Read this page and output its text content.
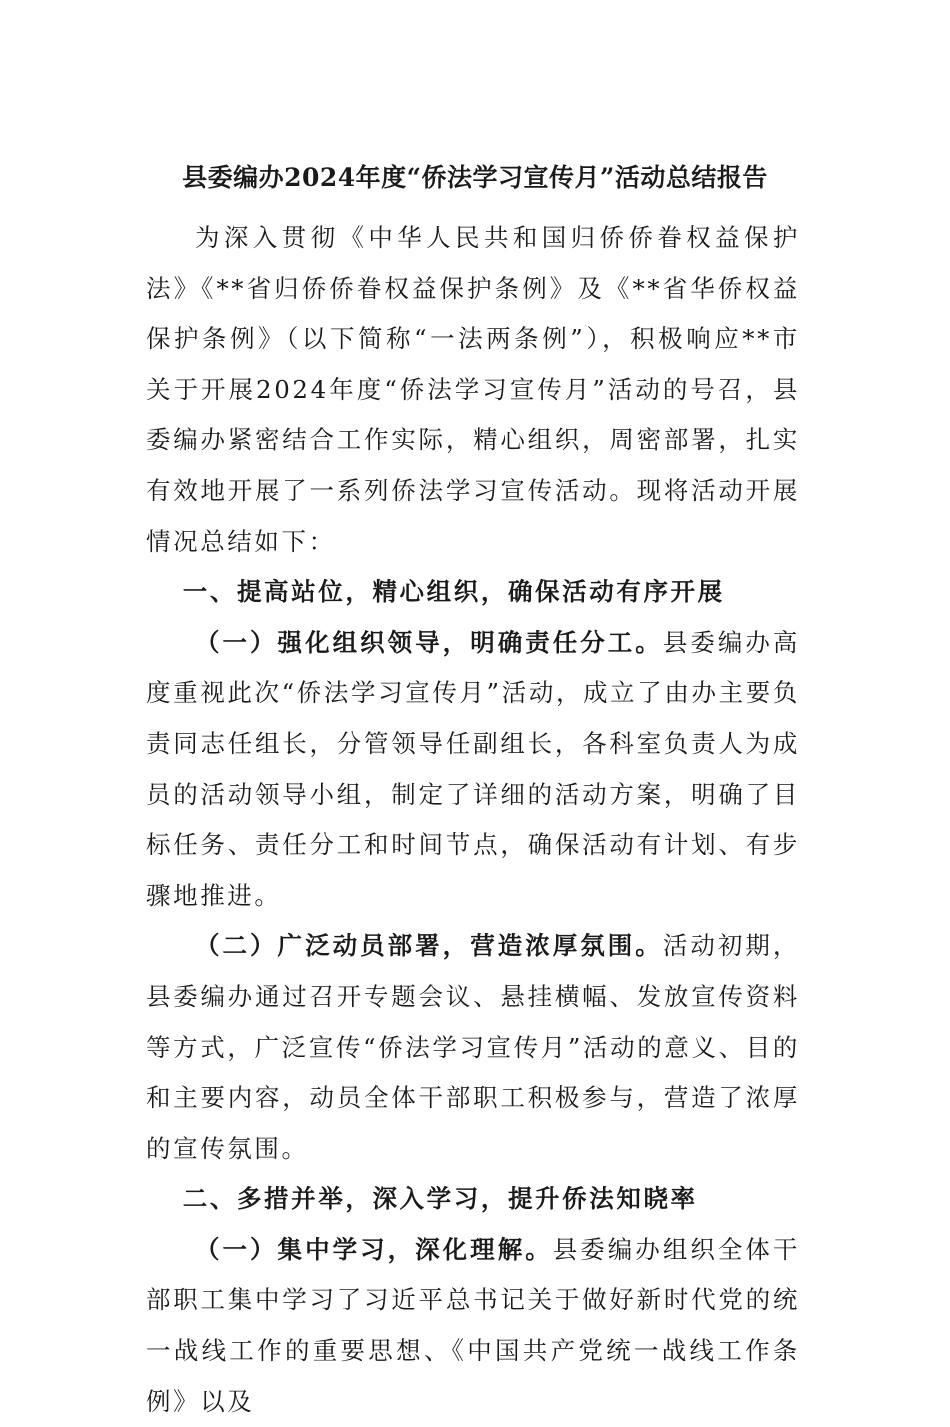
县委编办2024年度“侨法学习宣传月”活动总结报告

为深入贯彻《中华人民共和国归侨侨眷权益保护法》《**省归侨侨眷权益保护条例》及《**省华侨权益保护条例》（以下简称“一法两条例”），积极响应**市关于开展2024年度“侨法学习宣传月”活动的号召，县委编办紧密结合工作实际，精心组织，周密部署，扎实有效地开展了一系列侨法学习宣传活动。现将活动开展情况总结如下：

一、提高站位，精心组织，确保活动有序开展

（一）强化组织领导，明确责任分工。县委编办高度重视此次“侨法学习宣传月”活动，成立了由办主要负责同志任组长，分管领导任副组长，各科室负责人为成员的活动领导小组，制定了详细的活动方案，明确了目标任务、责任分工和时间节点，确保活动有计划、有步骤地推进。

（二）广泛动员部署，营造浓厚氛围。活动初期，县委编办通过召开专题会议、悬挂横幅、发放宣传资料等方式，广泛宣传“侨法学习宣传月”活动的意义、目的和主要内容，动员全体干部职工积极参与，营造了浓厚的宣传氛围。

二、多措并举，深入学习，提升侨法知晓率

（一）集中学习，深化理解。县委编办组织全体干部职工集中学习了习近平总书记关于做好新时代党的统一战线工作的重要思想、《中国共产党统一战线工作条例》以及
